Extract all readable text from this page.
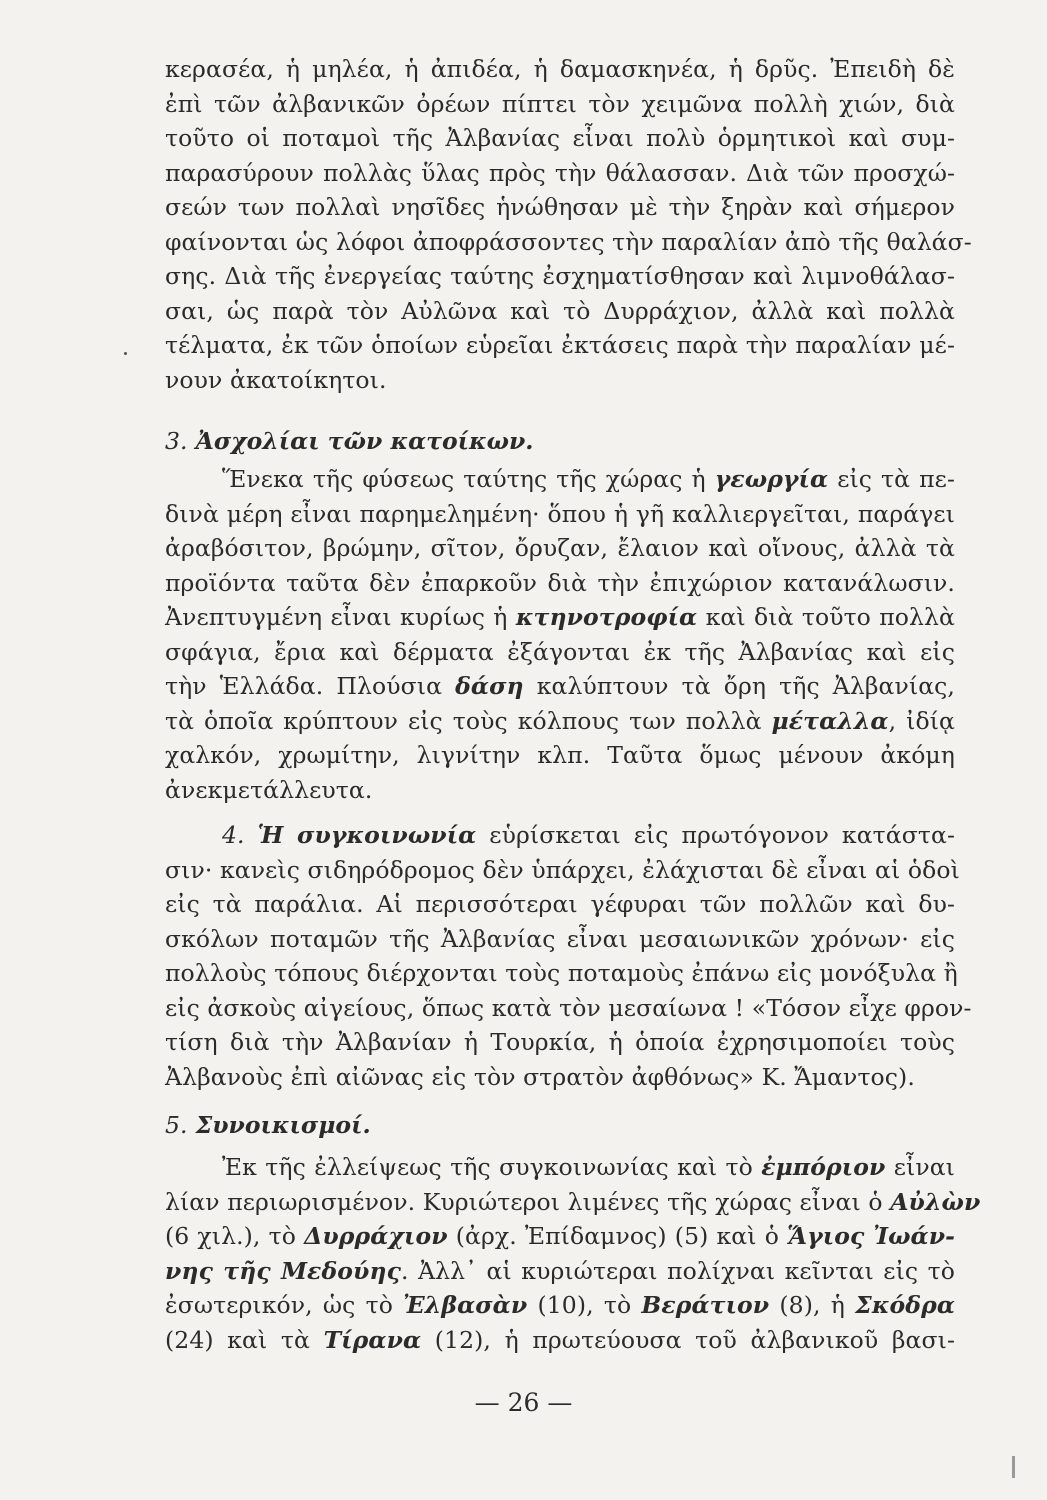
κερασέα, ἡ μηλέα, ἡ ἀπιδέα, ἡ δαμασκηνέα, ἡ δρῦς. Ἐπειδὴ δὲ
ἐπὶ τῶν ἀλβανικῶν ὀρέων πίπτει τὸν χειμῶνα πολλὴ χιών, διὰ
τοῦτο οἱ ποταμοὶ τῆς Ἀλβανίας εἶναι πολὺ ὁρμητικοὶ καὶ συμ-
παρασύρουν πολλὰς ὕλας πρὸς τὴν θάλασσαν. Διὰ τῶν προσχώ-
σεών των πολλαὶ νησῖδες ἡνώθησαν μὲ τὴν ξηρὰν καὶ σήμερον
φαίνονται ὡς λόφοι ἀποφράσσοντες τὴν παραλίαν ἀπὸ τῆς θαλάσ-
σης. Διὰ τῆς ἐνεργείας ταύτης ἐσχηματίσθησαν καὶ λιμνοθάλασ-
σαι, ὡς παρὰ τὸν Αὐλῶνα καὶ τὸ Δυρράχιον, ἀλλὰ καὶ πολλὰ
τέλματα, ἐκ τῶν ὁποίων εὑρεῖαι ἐκτάσεις παρὰ τὴν παραλίαν μέ-
νουν ἀκατοίκητοι.
3. Ἀσχολίαι τῶν κατοίκων.
Ἕνεκα τῆς φύσεως ταύτης τῆς χώρας ἡ γεωργία εἰς τὰ πε-
δινὰ μέρη εἶναι παρημελημένη· ὅπου ἡ γῆ καλλιεργεῖται, παράγει
ἀραβόσιτον, βρώμην, σῖτον, ὄρυζαν, ἔλαιον καὶ οἴνους, ἀλλὰ τὰ
προϊόντα ταῦτα δὲν ἐπαρκοῦν διὰ τὴν ἐπιχώριον κατανάλωσιν.
Ἀνεπτυγμένη εἶναι κυρίως ἡ κτηνοτροφία καὶ διὰ τοῦτο πολλὰ
σφάγια, ἔρια καὶ δέρματα ἐξάγονται ἐκ τῆς Ἀλβανίας καὶ εἰς
τὴν Ἑλλάδα. Πλούσια δάση καλύπτουν τὰ ὄρη τῆς Ἀλβανίας,
τὰ ὁποῖα κρύπτουν εἰς τοὺς κόλπους των πολλὰ μέταλλα, ἰδίᾳ
χαλκόν, χρωμίτην, λιγνίτην κλπ. Ταῦτα ὅμως μένουν ἀκόμη
ἀνεκμετάλλευτα.
4. Ἡ συγκοινωνία εὑρίσκεται εἰς πρωτόγονον κατάστα-
σιν· κανεὶς σιδηρόδρομος δὲν ὑπάρχει, ἐλάχισται δὲ εἶναι αἱ ὁδοὶ
εἰς τὰ παράλια. Αἱ περισσότεραι γέφυραι τῶν πολλῶν καὶ δυ-
σκόλων ποταμῶν τῆς Ἀλβανίας εἶναι μεσαιωνικῶν χρόνων· εἰς
πολλοὺς τόπους διέρχονται τοὺς ποταμοὺς ἐπάνω εἰς μονόξυλα ἢ
εἰς ἀσκοὺς αἰγείους, ὅπως κατὰ τὸν μεσαίωνα ! «Τόσον εἶχε φρον-
τίση διὰ τὴν Ἀλβανίαν ἡ Τουρκία, ἡ ὁποία ἐχρησιμοποίει τοὺς
Ἀλβανοὺς ἐπὶ αἰῶνας εἰς τὸν στρατὸν ἀφθόνως» Κ. Ἄμαντος).
5. Συνοικισμοί.
Ἐκ τῆς ἐλλείψεως τῆς συγκοινωνίας καὶ τὸ ἐμπόριον εἶναι
λίαν περιωρισμένον. Κυριώτεροι λιμένες τῆς χώρας εἶναι ὁ Αὐλὼν
(6 χιλ.), τὸ Δυρράχιον (ἀρχ. Ἐπίδαμνος) (5) καὶ ὁ Ἅγιος Ἰωάν-
νης τῆς Μεδούης. Ἀλλ᾽ αἱ κυριώτεραι πολίχναι κεῖνται εἰς τὸ
ἐσωτερικόν, ὡς τὸ Ἐλβασὰν (10), τὸ Βεράτιον (8), ἡ Σκόδρα
(24) καὶ τὰ Τίρανα (12), ἡ πρωτεύουσα τοῦ ἀλβανικοῦ βασι-
— 26 —
